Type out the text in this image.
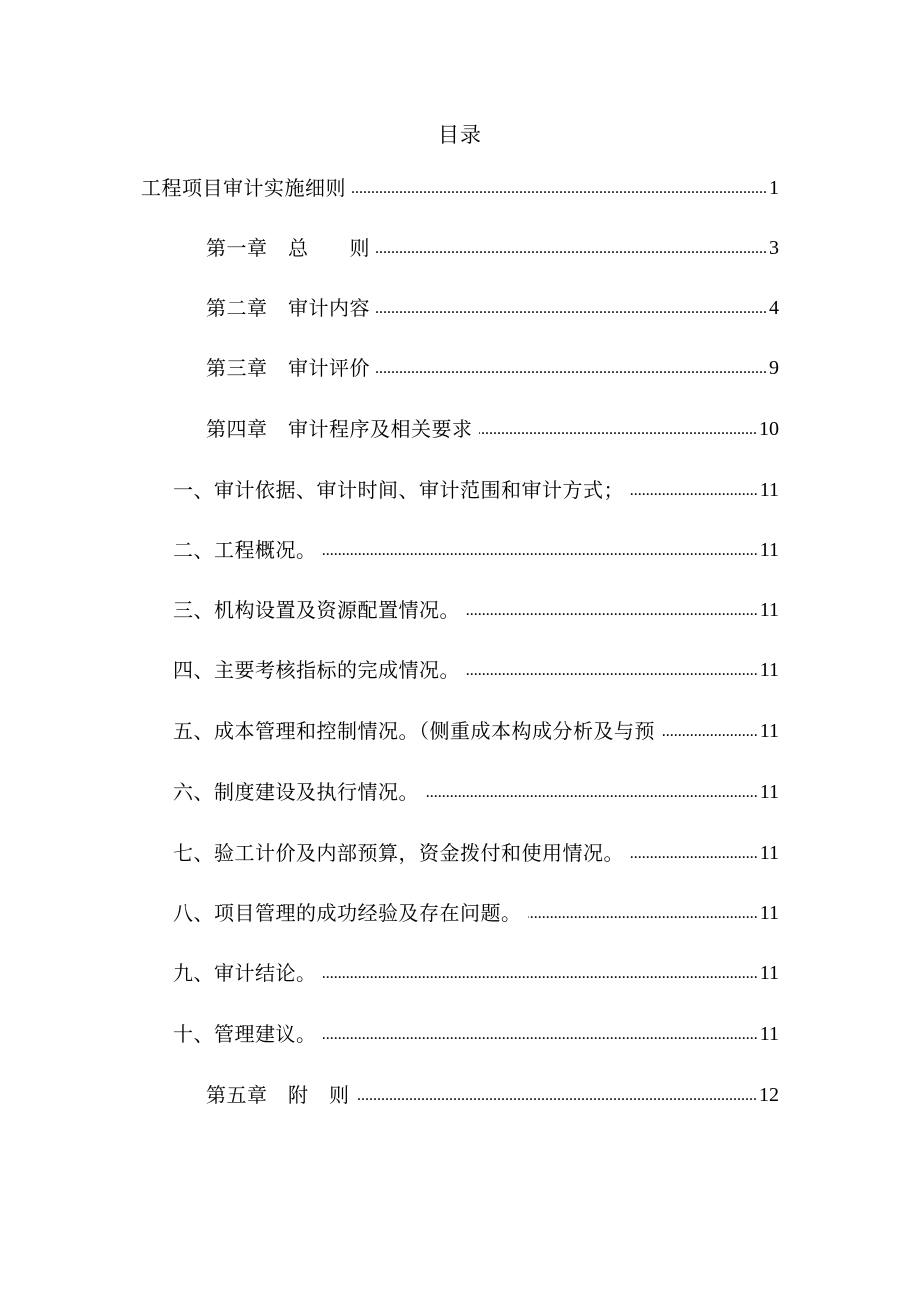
目录
工程项目审计实施细则 .....	1
第一章　总　　则 .....	3
第二章　审计内容 .....	4
第三章　审计评价 .....	9
第四章　审计程序及相关要求 .....	10
一、审计依据、审计时间、审计范围和审计方式； .....	11
二、工程概况。 .....	11
三、机构设置及资源配置情况。 .....	11
四、主要考核指标的完成情况。 .....	11
五、成本管理和控制情况。（侧重成本构成分析及与预 .....	11
六、制度建设及执行情况。 .....	11
七、验工计价及内部预算，资金拨付和使用情况。 .....	11
八、项目管理的成功经验及存在问题。 .....	11
九、审计结论。 .....	11
十、管理建议。 .....	11
第五章　附　则 .....	12
